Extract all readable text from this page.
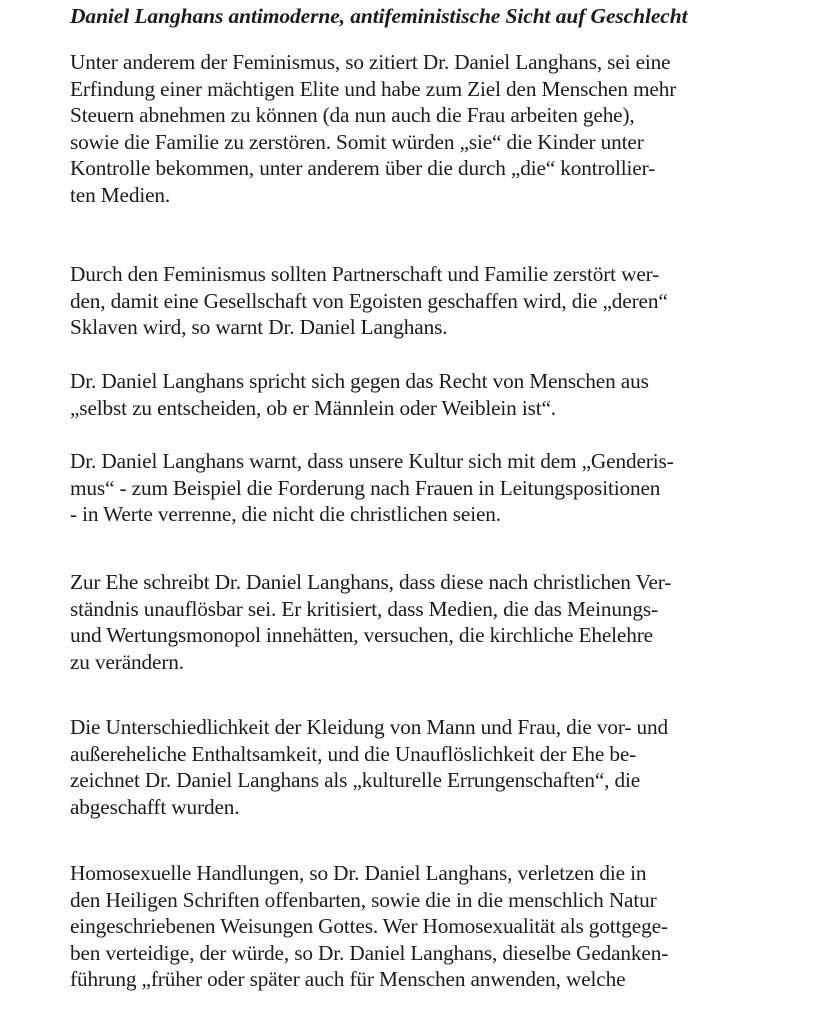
Daniel Langhans antimoderne, antifeministische Sicht auf Geschlecht

Unter anderem der Feminismus, so zitiert Dr. Daniel Langhans, sei eine
Erfindung einer mächtigen Elite und habe zum Ziel den Menschen mehr
Steuern abnehmen zu können (da nun auch die Frau arbeiten gehe),
sowie die Familie zu zerstören. Somit würden „sie“ die Kinder unter
Kontrolle bekommen, unter anderem über die durch „die“ kontrollier-
ten Medien.

Durch den Feminismus sollten Partnerschaft und Familie zerstört wer-
den, damit eine Gesellschaft von Egoisten geschaffen wird, die „deren“
Sklaven wird, so warnt Dr. Daniel Langhans.

Dr. Daniel Langhans spricht sich gegen das Recht von Menschen aus
„selbst zu entscheiden, ob er Männlein oder Weiblein ist“.

Dr. Daniel Langhans warnt, dass unsere Kultur sich mit dem „Genderis-
mus“ - zum Beispiel die Forderung nach Frauen in Leitungspositionen
- in Werte verrenne, die nicht die christlichen seien.

Zur Ehe schreibt Dr. Daniel Langhans, dass diese nach christlichen Ver-
ständnis unauflösbar sei. Er kritisiert, dass Medien, die das Meinungs-
und Wertungsmonopol innehätten, versuchen, die kirchliche Ehelehre
zu verändern.

Die Unterschiedlichkeit der Kleidung von Mann und Frau, die vor- und
außereheliche Enthaltsamkeit, und die Unauflöslichkeit der Ehe be-
zeichnet Dr. Daniel Langhans als „kulturelle Errungenschaften“, die
abgeschafft wurden.

Homosexuelle Handlungen, so Dr. Daniel Langhans, verletzen die in
den Heiligen Schriften offenbarten, sowie die in die menschlich Natur
eingeschriebenen Weisungen Gottes. Wer Homosexualität als gottgege-
ben verteidige, der würde, so Dr. Daniel Langhans, dieselbe Gedanken-
führung „früher oder später auch für Menschen anwenden, welche
